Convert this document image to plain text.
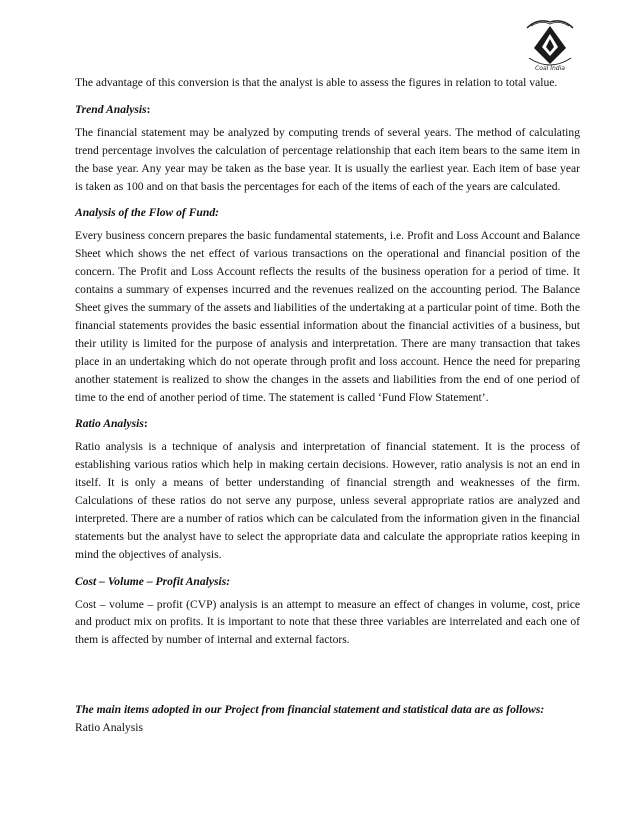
Coal India

The advantage of this conversion is that the analyst is able to assess the figures in relation to total value.

Trend Analysis:

The financial statement may be analyzed by computing trends of several years. The method of calculating trend percentage involves the calculation of percentage relationship that each item bears to the same item in the base year. Any year may be taken as the base year. It is usually the earliest year. Each item of base year is taken as 100 and on that basis the percentages for each of the items of each of the years are calculated.

Analysis of the Flow of Fund:

Every business concern prepares the basic fundamental statements, i.e. Profit and Loss Account and Balance Sheet which shows the net effect of various transactions on the operational and financial position of the concern. The Profit and Loss Account reflects the results of the business operation for a period of time. It contains a summary of expenses incurred and the revenues realized on the accounting period. The Balance Sheet gives the summary of the assets and liabilities of the undertaking at a particular point of time. Both the financial statements provides the basic essential information about the financial activities of a business, but their utility is limited for the purpose of analysis and interpretation. There are many transaction that takes place in an undertaking which do not operate through profit and loss account. Hence the need for preparing another statement is realized to show the changes in the assets and liabilities from the end of one period of time to the end of another period of time. The statement is called ‘Fund Flow Statement’.

Ratio Analysis:

Ratio analysis is a technique of analysis and interpretation of financial statement. It is the process of establishing various ratios which help in making certain decisions. However, ratio analysis is not an end in itself. It is only a means of better understanding of financial strength and weaknesses of the firm. Calculations of these ratios do not serve any purpose, unless several appropriate ratios are analyzed and interpreted. There are a number of ratios which can be calculated from the information given in the financial statements but the analyst have to select the appropriate data and calculate the appropriate ratios keeping in mind the objectives of analysis.

Cost – Volume – Profit Analysis:

Cost – volume – profit (CVP) analysis is an attempt to measure an effect of changes in volume, cost, price and product mix on profits. It is important to note that these three variables are interrelated and each one of them is affected by number of internal and external factors.

The main items adopted in our Project from financial statement and statistical data are as follows:

Ratio Analysis
